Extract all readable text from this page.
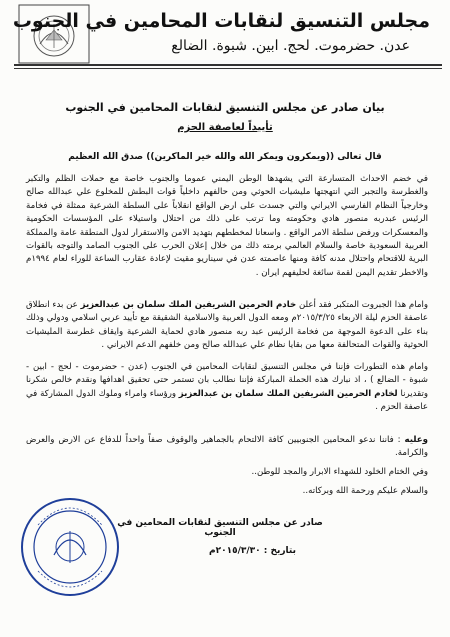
مجلس التنسيق لنقابات المحامين في الجنوب
عدن. حضرموت. لحج. ابين. شبوة. الضالع
بيان صادر عن مجلس التنسيق لنقابات المحامين في الجنوب
تأييداً لعاصفة الحزم
قال تعالى ((ويمكرون ويمكر الله والله خير الماكرين)) صدق الله العظيم
في خضم الاحداث المتسارعة التي يشهدها الوطن اليمني عموما والجنوب خاصة مع حملات الظلم والتكبر والغطرسة والتجبر التي انتهجتها مليشيات الحوثي ومن حالفهم داخلياً قوات البطش للمخلوع علي عبدالله صالح وخارجياً النظام الفارسي الايراني والتي جسدت على ارض الواقع انقلاباً على السلطة الشرعية ممثلة في فخامة الرئيس عبدربه منصور هادي وحكومته وما ترتب على ذلك من احتلال واستيلاء على المؤسسات الحكومية والمعسكرات ورفض سلطة الامر الواقع . واسعانا لمخططهم بتهديد الامن والاستقرار لدول المنطقة عامة والمملكة العربية السعودية خاصة والسلام العالمي برمته ذلك من خلال إعلان الحرب على الجنوب الصامد والتوجه بالقوات البرية للاقتحام واحتلال مدنه كافة ومنها عاصمته عدن في سيناريو مقيت لإعادة عقارب الساعة للوراء لعام ١٩٩٤م والاخطر تقديم اليمن لقمة سائغة لحليفهم ايران .
وامام هذا الجبروت المتكبر فقد أعلن خادم الحرمين الشريفين الملك سلمان بن عبدالعزيز عن بدء انطلاق عاصفة الحزم ليلة الاربعاء ٢٠١٥/٣/٢٥م ومعه الدول العربية والاسلامية الشقيقة مع تأييد عربي اسلامي ودولي وذلك بناء على الدعوة الموجهة من فخامة الرئيس عبد ربه منصور هادي لحماية الشرعية وايقاف غطرسة المليشيات الحوثية والقوات المتحالفة معها من بقايا نظام علي عبدالله صالح ومن خلفهم الدعم الايراني .
وامام هذه التطورات فإننا في مجلس التنسيق لنقابات المحامين في الجنوب (عدن - حضرموت - لحج - ابين - شبوة - الضالع ) ، اذ نبارك هذه الحملة المباركة فإننا نطالب بان تستمر حتى تحقيق اهدافها ونقدم خالص شكرنا وتقديرنا لخادم الحرمين الشريفين الملك سلمان بن عبدالعزيز ورؤساء وامراء وملوك الدول المشاركة في عاصفة الحزم .
وعليه : فاننا ندعو المحامين الجنوبيين كافة الالتحام بالجماهير والوقوف صفاً واحداً للدفاع عن الارض والعرض والكرامة.
وفي الختام الخلود للشهداء الابرار والمجد للوطن..
والسلام عليكم ورحمة الله وبركاته..
صادر عن مجلس التنسيق لنقابات المحامين في الجنوب
بتاريخ : ٢٠١٥/٣/٣٠م
